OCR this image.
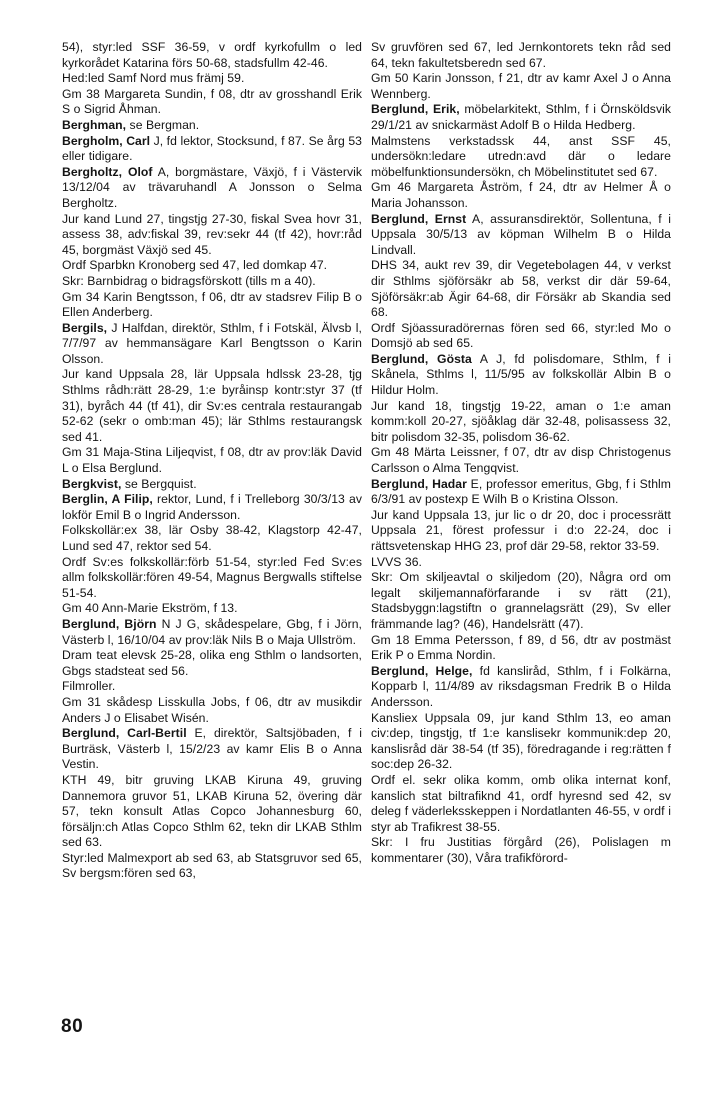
54), styr:led SSF 36-59, v ordf kyrkofullm o led kyrkorådet Katarina förs 50-68, stadsfullm 42-46.

Hed:led Samf Nord mus främj 59.

Gm 38 Margareta Sundin, f 08, dtr av grosshandl Erik S o Sigrid Åhman.

Berghman, se Bergman.

Bergholm, Carl J, fd lektor, Stocksund, f 87. Se årg 53 eller tidigare.

Bergholtz, Olof A, borgmästare, Växjö, f i Västervik 13/12/04 av trävaruhandl A Jonsson o Selma Bergholtz.

Jur kand Lund 27, tingstjg 27-30, fiskal Svea hovr 31, assess 38, adv:fiskal 39, rev:sekr 44 (tf 42), hovr:råd 45, borgmäst Växjö sed 45.

Ordf Sparbkn Kronoberg sed 47, led domkap 47.

Skr: Barnbidrag o bidragsförskott (tills m a 40).

Gm 34 Karin Bengtsson, f 06, dtr av stadsrev Filip B o Ellen Anderberg.

Bergils, J Halfdan, direktör, Sthlm, f i Fotskäl, Älvsb l, 7/7/97 av hemmansägare Karl Bengtsson o Karin Olsson.

Jur kand Uppsala 28, lär Uppsala hdlssk 23-28, tjg Sthlms rådh:rätt 28-29, 1:e byråinsp kontr:styr 37 (tf 31), byråch 44 (tf 41), dir Sv:es centrala restaurangab 52-62 (sekr o omb:man 45); lär Sthlms restaurangsk sed 41.

Gm 31 Maja-Stina Liljeqvist, f 08, dtr av prov:läk David L o Elsa Berglund.

Bergkvist, se Bergquist.

Berglin, A Filip, rektor, Lund, f i Trelleborg 30/3/13 av lokför Emil B o Ingrid Andersson.

Folkskollär:ex 38, lär Osby 38-42, Klagstorp 42-47, Lund sed 47, rektor sed 54.

Ordf Sv:es folkskollär:förb 51-54, styr:led Fed Sv:es allm folkskollär:fören 49-54, Magnus Bergwalls stiftelse 51-54.

Gm 40 Ann-Marie Ekström, f 13.

Berglund, Björn N J G, skådespelare, Gbg, f i Jörn, Västerb l, 16/10/04 av prov:läk Nils B o Maja Ullström.

Dram teat elevsk 25-28, olika eng Sthlm o landsorten, Gbgs stadsteat sed 56.

Filmroller.

Gm 31 skådesp Lisskulla Jobs, f 06, dtr av musikdir Anders J o Elisabet Wisén.

Berglund, Carl-Bertil E, direktör, Saltsjöbaden, f i Burträsk, Västerb l, 15/2/23 av kamr Elis B o Anna Vestin.

KTH 49, bitr gruving LKAB Kiruna 49, gruving Dannemora gruvor 51, LKAB Kiruna 52, övering där 57, tekn konsult Atlas Copco Johannesburg 60, försäljn:ch Atlas Copco Sthlm 62, tekn dir LKAB Sthlm sed 63.

Styr:led Malmexport ab sed 63, ab Statsgruvor sed 65, Sv bergsm:fören sed 63,

Sv gruvfören sed 67, led Jernkontorets tekn råd sed 64, tekn fakultetsberedn sed 67.

Gm 50 Karin Jonsson, f 21, dtr av kamr Axel J o Anna Wennberg.

Berglund, Erik, möbelarkitekt, Sthlm, f i Örnsköldsvik 29/1/21 av snickarmäst Adolf B o Hilda Hedberg.

Malmstens verkstadssk 44, anst SSF 45, undersökn:ledare utredn:avd där o ledare möbelfunktionsundersökn, ch Möbelinstitutet sed 67.

Gm 46 Margareta Åström, f 24, dtr av Helmer Å o Maria Johansson.

Berglund, Ernst A, assuransdirektör, Sollentuna, f i Uppsala 30/5/13 av köpman Wilhelm B o Hilda Lindvall.

DHS 34, aukt rev 39, dir Vegetebolagen 44, v verkst dir Sthlms sjöförsäkr ab 58, verkst dir där 59-64, Sjöförsäkr:ab Ägir 64-68, dir Försäkr ab Skandia sed 68.

Ordf Sjöassuradörernas fören sed 66, styr:led Mo o Domsjö ab sed 65.

Berglund, Gösta A J, fd polisdomare, Sthlm, f i Skånela, Sthlms l, 11/5/95 av folkskollär Albin B o Hildur Holm.

Jur kand 18, tingstjg 19-22, aman o 1:e aman komm:koll 20-27, sjöåklag där 32-48, polisassess 32, bitr polisdom 32-35, polisdom 36-62.

Gm 48 Märta Leissner, f 07, dtr av disp Christogenus Carlsson o Alma Tengqvist.

Berglund, Hadar E, professor emeritus, Gbg, f i Sthlm 6/3/91 av postexp E Wilh B o Kristina Olsson.

Jur kand Uppsala 13, jur lic o dr 20, doc i processrätt Uppsala 21, förest professur i d:o 22-24, doc i rättsvetenskap HHG 23, prof där 29-58, rektor 33-59.

LVVS 36.

Skr: Om skiljeavtal o skiljedom (20), Några ord om legalt skiljemannaförfarande i sv rätt (21), Stadsbyggn:lagstiftn o grannelagsrätt (29), Sv eller främmande lag? (46), Handelsrätt (47).

Gm 18 Emma Petersson, f 89, d 56, dtr av postmäst Erik P o Emma Nordin.

Berglund, Helge, fd kansliråd, Sthlm, f i Folkärna, Kopparb l, 11/4/89 av riksdagsman Fredrik B o Hilda Andersson.

Kansliex Uppsala 09, jur kand Sthlm 13, eo aman civ:dep, tingstjg, tf 1:e kanslisekr kommunik:dep 20, kanslisråd där 38-54 (tf 35), föredragande i reg:rätten f soc:dep 26-32.

Ordf el. sekr olika komm, omb olika internat konf, kanslich stat biltrafiknd 41, ordf hyresnd sed 42, sv deleg f väderleksskeppen i Nordatlanten 46-55, v ordf i styr ab Trafikrest 38-55.

Skr: I fru Justitias förgård (26), Polislagen m kommentarer (30), Våra trafikförord-

80
